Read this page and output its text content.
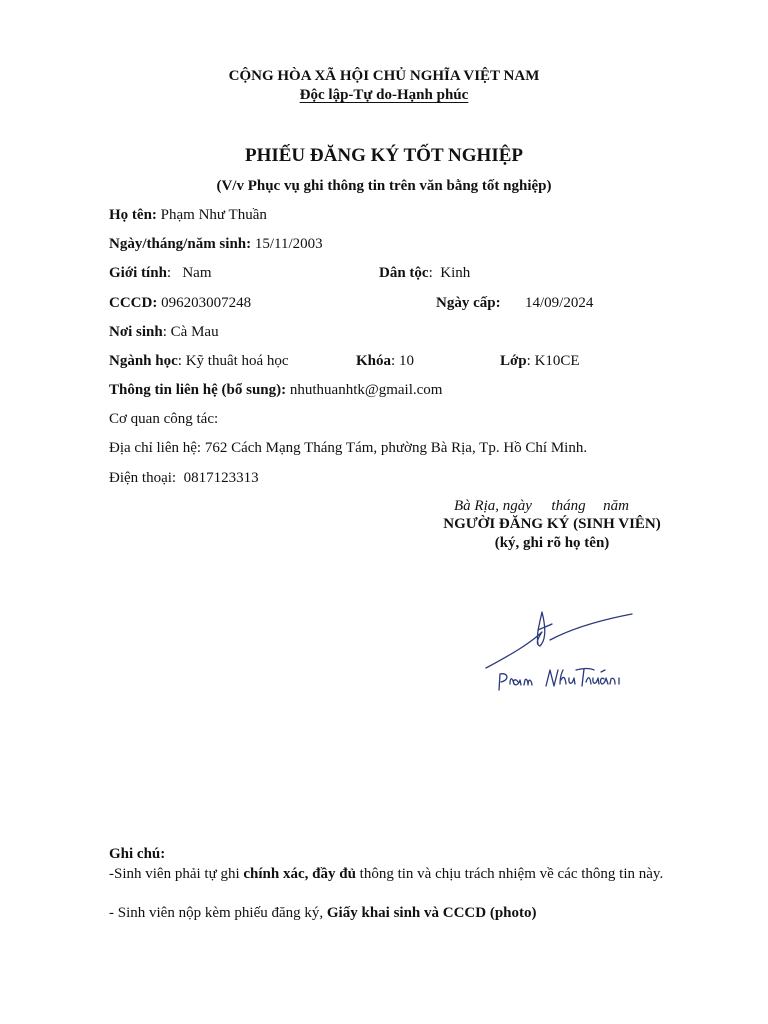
CỘNG HÒA XÃ HỘI CHỦ NGHĨA VIỆT NAM
Độc lập-Tự do-Hạnh phúc
PHIẾU ĐĂNG KÝ TỐT NGHIỆP
(V/v Phục vụ ghi thông tin trên văn bằng tốt nghiệp)
Họ tên: Phạm Như Thuần
Ngày/tháng/năm sinh: 15/11/2003
Giới tính:   Nam	Dân tộc:  Kinh
CCCD: 096203007248	Ngày cấp: 14/09/2024
Nơi sinh: Cà Mau
Ngành học: Kỹ thuât hoá học	Khóa: 10	Lớp: K10CE
Thông tin liên hệ (bổ sung): nhuthuanhtk@gmail.com
Cơ quan công tác:
Địa chỉ liên hệ: 762 Cách Mạng Tháng Tám, phường Bà Rịa, Tp. Hồ Chí Minh.
Điện thoại: 0817123313
Bà Rịa, ngày tháng năm
NGƯỜI ĐĂNG KÝ (SINH VIÊN)
(ký, ghi rõ họ tên)
Ghi chú:
-Sinh viên phải tự ghi chính xác, đầy đủ thông tin và chịu trách nhiệm về các thông tin này.
- Sinh viên nộp kèm phiếu đăng ký, Giấy khai sinh và CCCD (photo)
